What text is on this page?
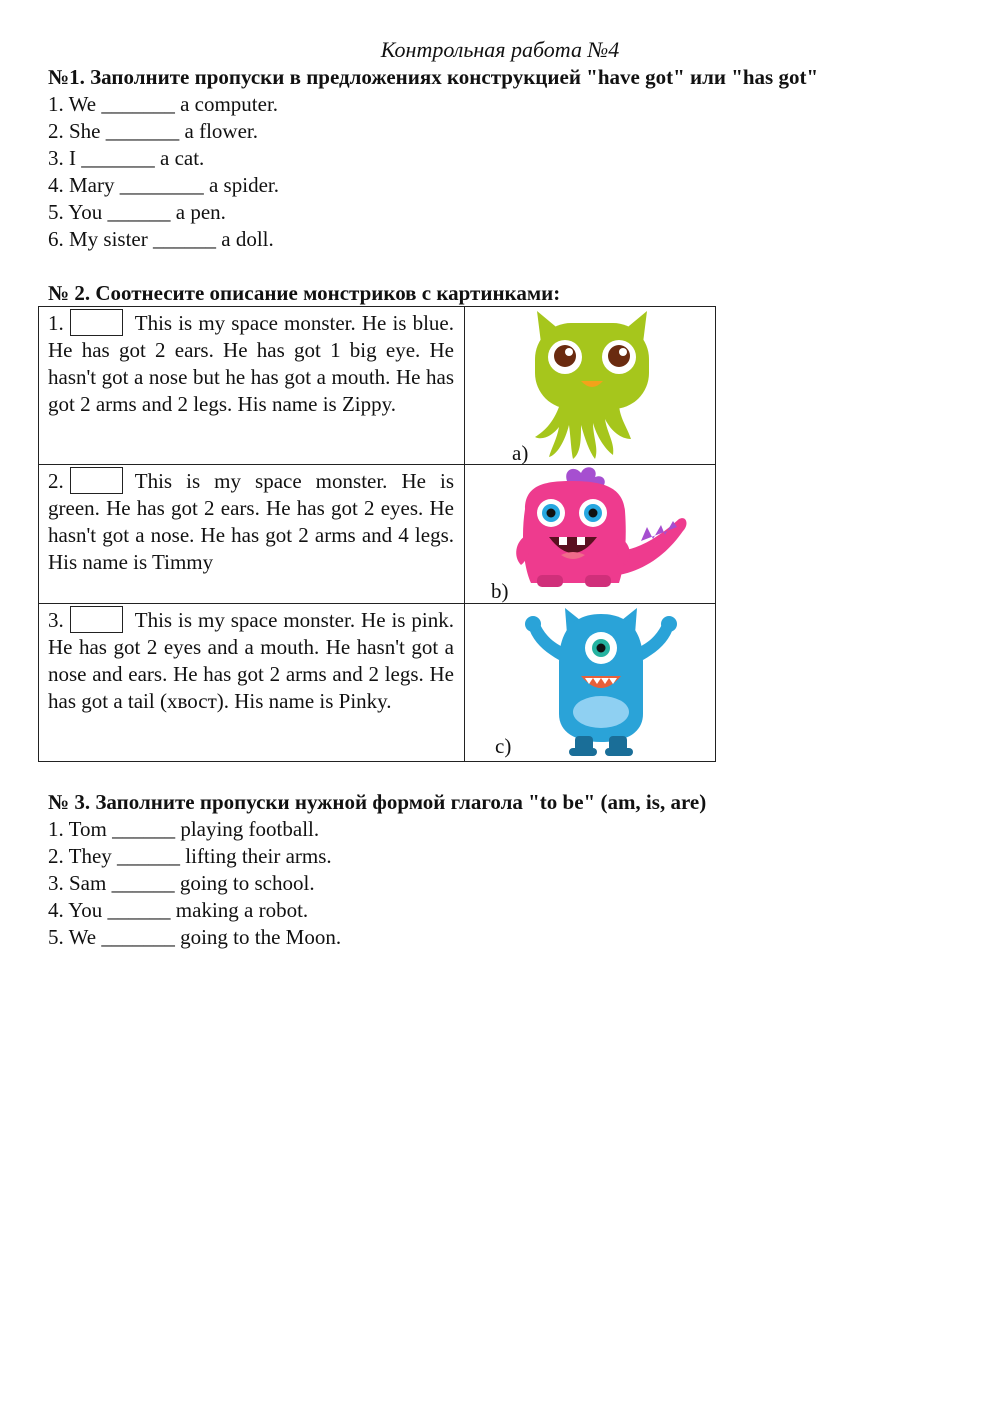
Контрольная работа №4
№1. Заполните пропуски в предложениях конструкцией "have got" или "has got"
1. We _______ a computer.
2. She _______ a flower.
3. I _______ a cat.
4. Mary ________ a spider.
5. You ______ a pen.
6. My sister ______ a doll.
№ 2. Соотнесите описание монстриков с картинками:

1. This is my space monster. He is blue. He has got 2 ears. He has got 1 big eye. He hasn't got a nose but he has got a mouth. He has got 2 arms and 2 legs. His name is Zippy.	a)

2. This is my space monster. He is green. He has got 2 ears. He has got 2 eyes. He hasn't got a nose. He has got 2 arms and 4 legs. His name is Timmy	b)

3. This is my space monster. He is pink. He has got 2 eyes and a mouth. He hasn't got a nose and ears. He has got 2 arms and 2 legs. He has got a tail (хвост). His name is Pinky.	c)
№ 3. Заполните пропуски нужной формой глагола "to be" (am, is, are)
1. Tom ______ playing football.
2. They ______ lifting their arms.
3. Sam ______ going to school.
4. You ______ making a robot.
5. We _______ going to the Moon.
